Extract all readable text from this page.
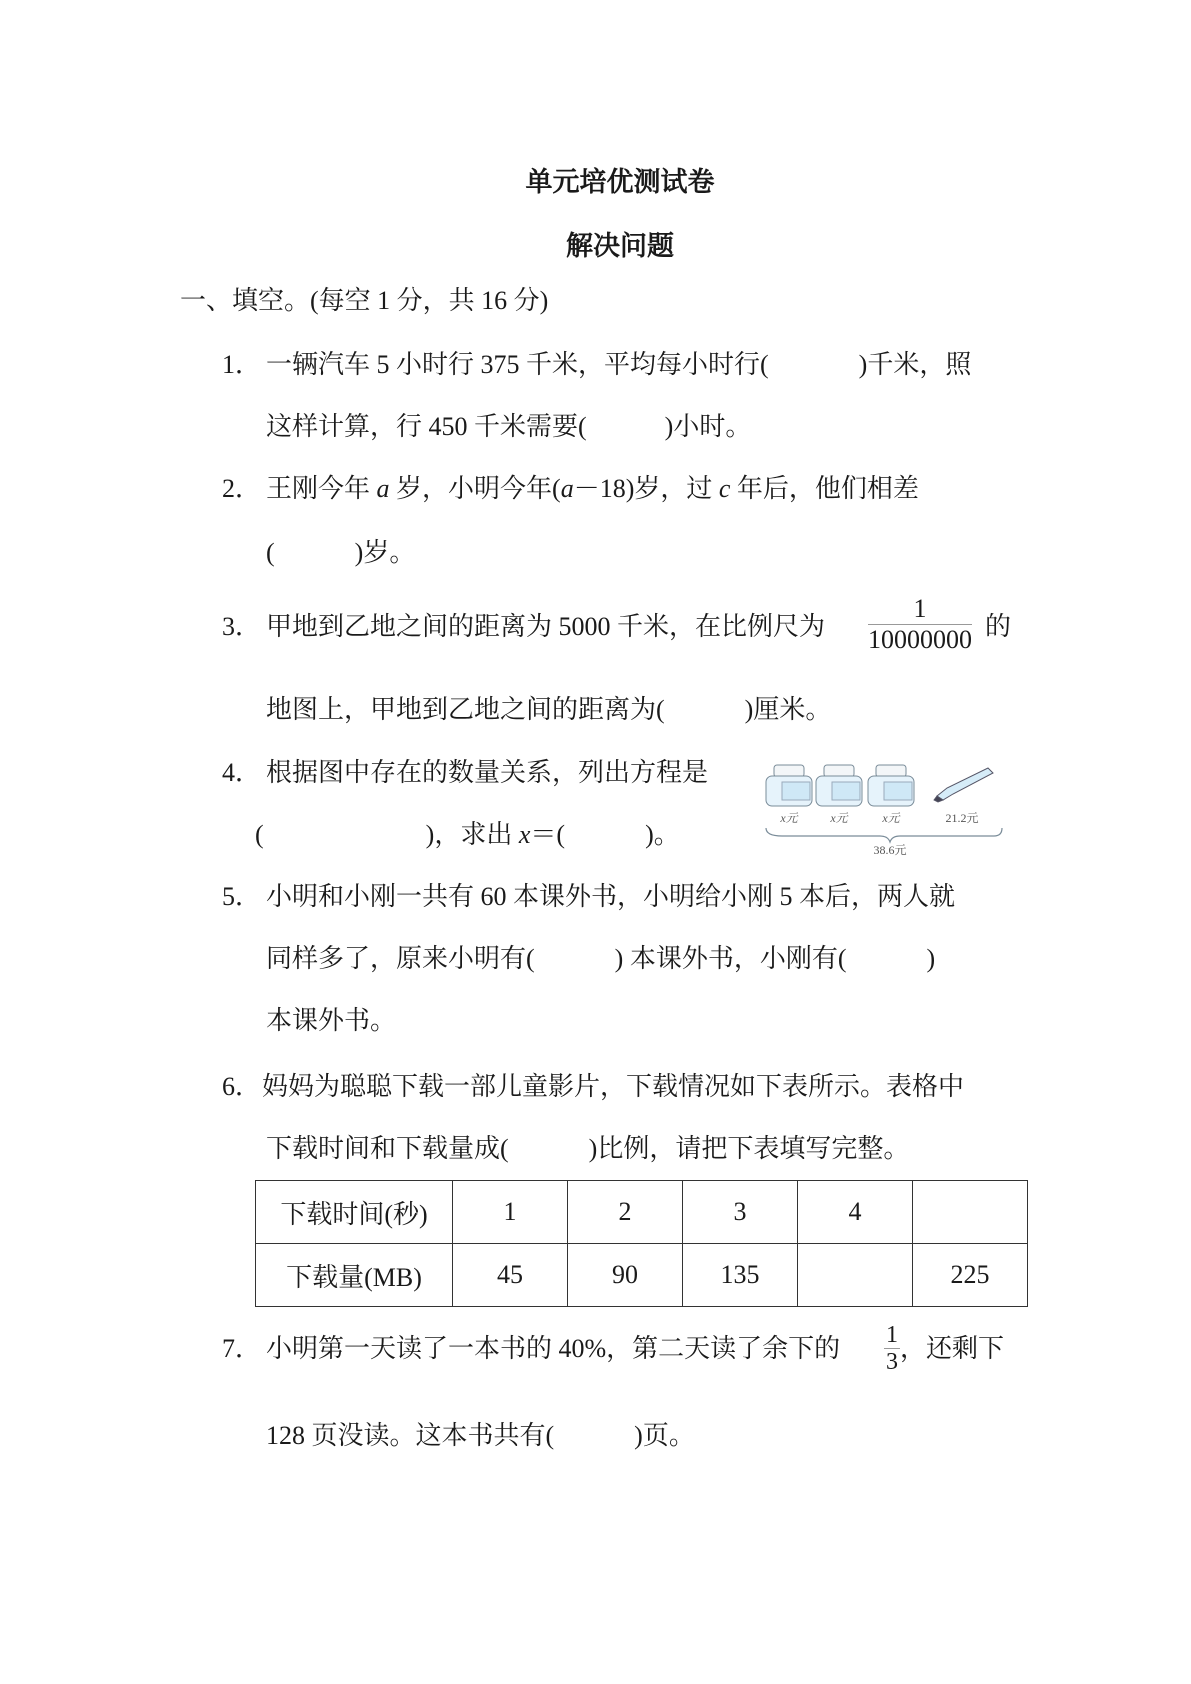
单元培优测试卷
解决问题
一、填空。(每空 1 分，共 16 分)
1． 一辆汽车 5 小时行 375 千米，平均每小时行(	)千米，照
这样计算，行 450 千米需要(	)小时。
2． 王刚今年 a 岁，小明今年(a－18)岁，过 c 年后，他们相差
(	)岁。
3． 甲地到乙地之间的距离为 5000 千米，在比例尺为 $\frac{1}{10000000}$ 的
地图上，甲地到乙地之间的距离为(	)厘米。
4． 根据图中存在的数量关系，列出方程是
(	)，求出 x＝(	)。
x元	x元	x元	21.2元
38.6元
5． 小明和小刚一共有 60 本课外书，小明给小刚 5 本后，两人就
同样多了，原来小明有(	) 本课外书，小刚有(	)
本课外书。
6． 妈妈为聪聪下载一部儿童影片，下载情况如下表所示。表格中
下载时间和下载量成(	)比例，请把下表填写完整。
下载时间(秒)	1	2	3	4	
下载量(MB)	45	90	135		225
7． 小明第一天读了一本书的 40%，第二天读了余下的 $\frac{1}{3}$ ，还剩下
128 页没读。这本书共有(	)页。
